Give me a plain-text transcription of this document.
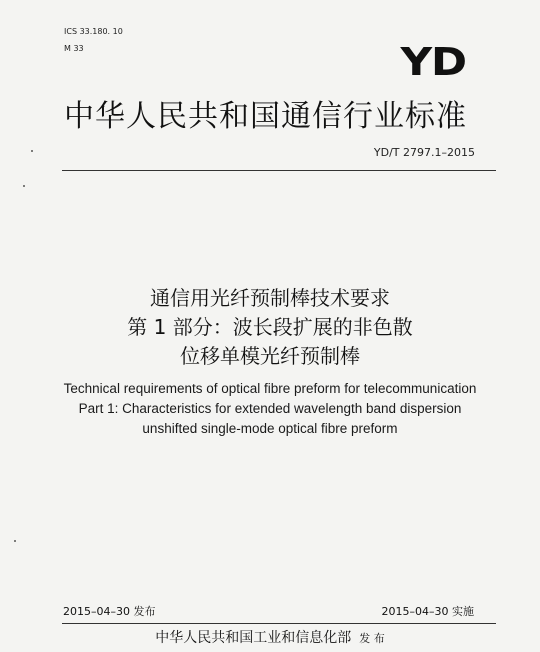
ICS 33.180. 10
M 33	YD
中华人民共和国通信行业标准
YD/T 2797.1–2015
通信用光纤预制棒技术要求
第 1 部分：波长段扩展的非色散
位移单模光纤预制棒
Technical requirements of optical fibre preform for telecommunication
Part 1: Characteristics for extended wavelength band dispersion
unshifted single-mode optical fibre preform
2015–04–30 发布	2015–04–30 实施
中华人民共和国工业和信息化部 发 布
